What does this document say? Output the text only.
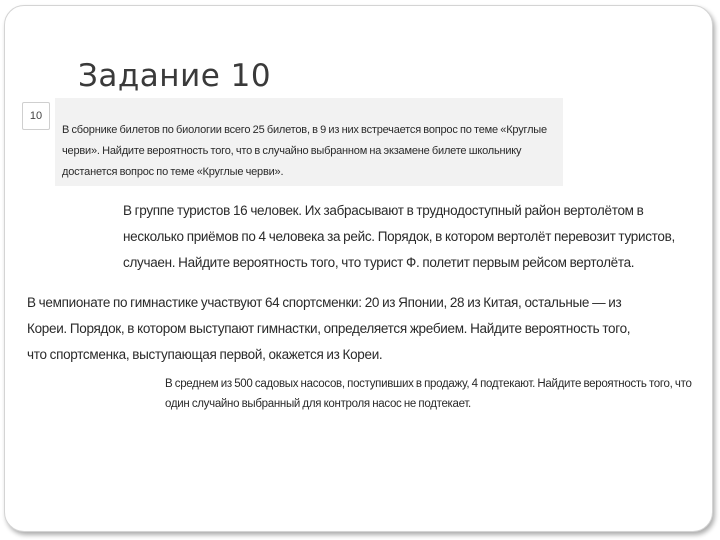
Задание 10
10

В сборнике билетов по биологии всего 25 билетов, в 9 из них встречается вопрос по теме «Круглые черви». Найдите вероятность того, что в случайно выбранном на экзамене билете школьнику достанется вопрос по теме «Круглые черви».

В группе туристов 16 человек. Их забрасывают в труднодоступный район вертолётом в несколько приёмов по 4 человека за рейс. Порядок, в котором вертолёт перевозит туристов, случаен. Найдите вероятность того, что турист Ф. полетит первым рейсом вертолёта.

В чемпионате по гимнастике участвуют 64 спортсменки: 20 из Японии, 28 из Китая, остальные — из Кореи. Порядок, в котором выступают гимнастки, определяется жребием. Найдите вероятность того, что спортсменка, выступающая первой, окажется из Кореи.

В среднем из 500 садовых насосов, поступивших в продажу, 4 подтекают. Найдите вероятность того, что один случайно выбранный для контроля насос не подтекает.
